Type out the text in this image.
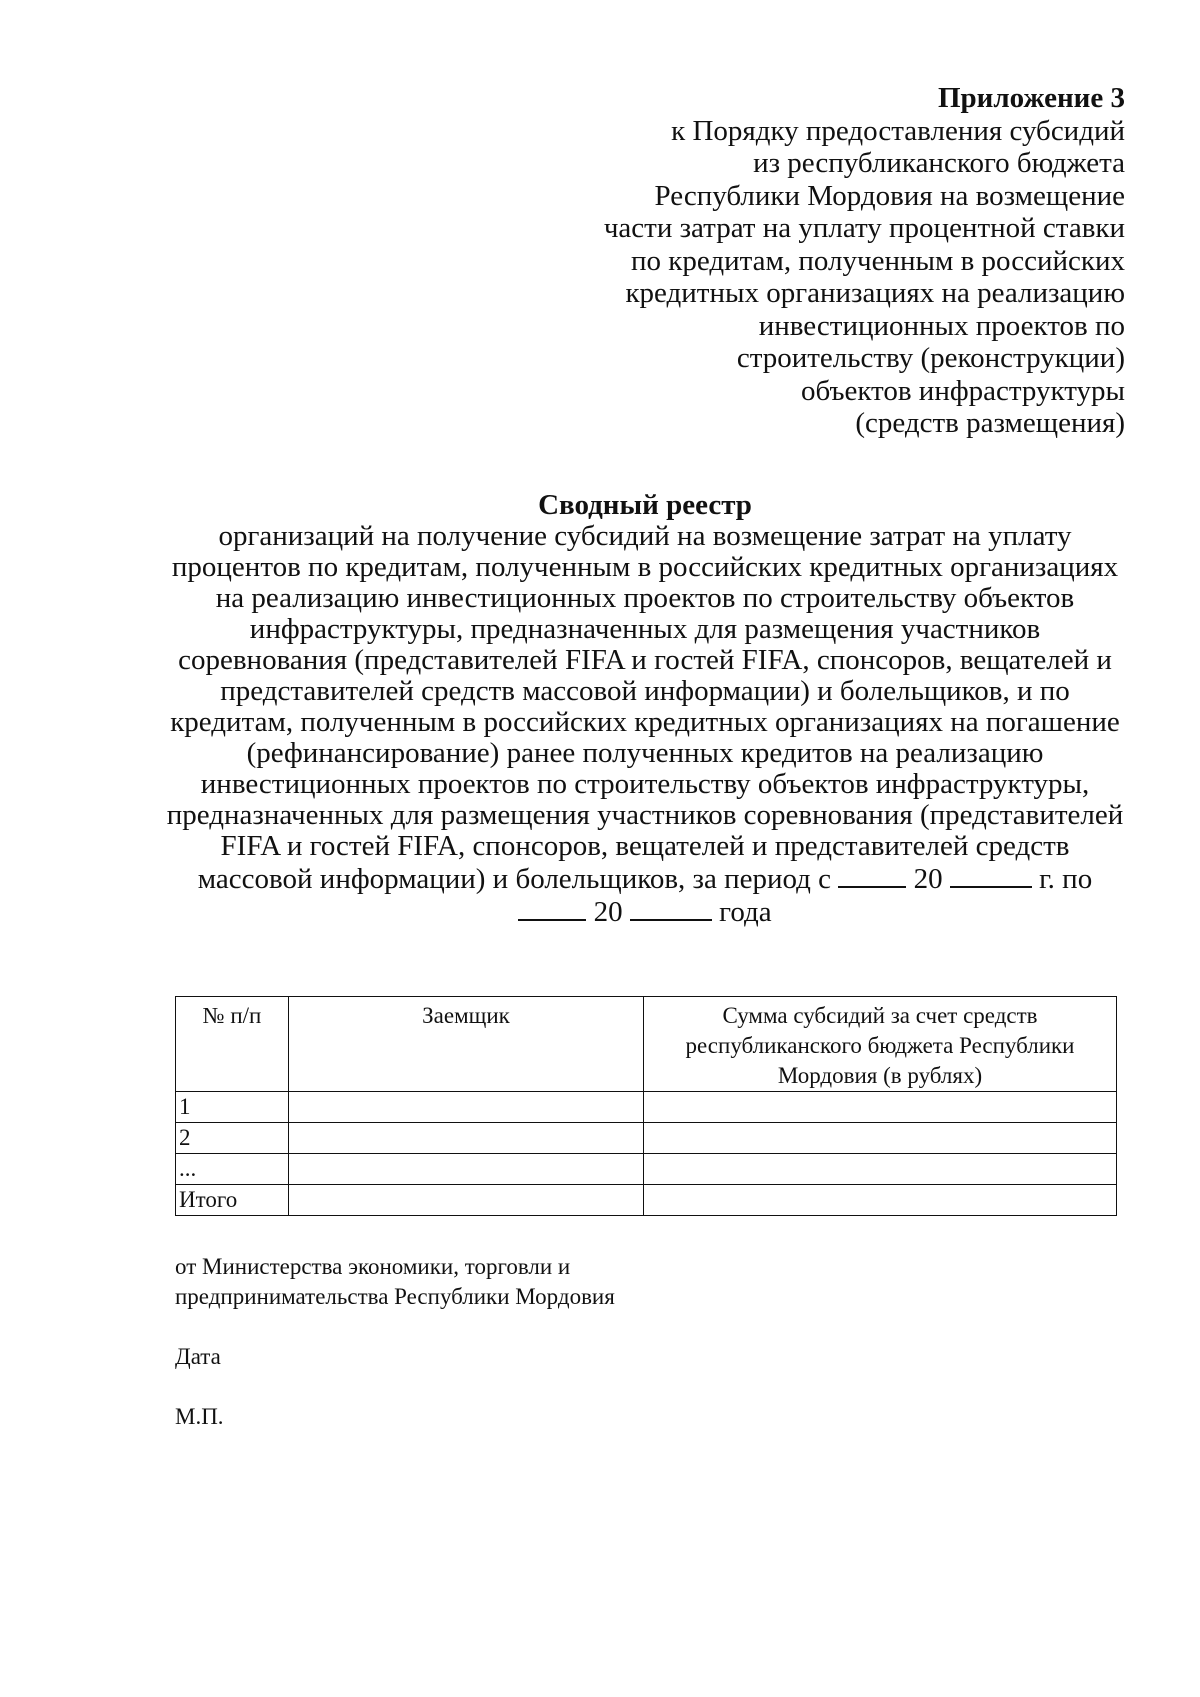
Приложение 3
к Порядку предоставления субсидий
из республиканского бюджета
Республики Мордовия на возмещение
части затрат на уплату процентной ставки
по кредитам, полученным в российских
кредитных организациях на реализацию
инвестиционных проектов по
строительству (реконструкции)
объектов инфраструктуры
(средств размещения)
Сводный реестр
организаций на получение субсидий на возмещение затрат на уплату
процентов по кредитам, полученным в российских кредитных организациях
на реализацию инвестиционных проектов по строительству объектов
инфраструктуры, предназначенных для размещения участников
соревнования (представителей FIFA и гостей FIFA, спонсоров, вещателей и
представителей средств массовой информации) и болельщиков, и по
кредитам, полученным в российских кредитных организациях на погашение
(рефинансирование) ранее полученных кредитов на реализацию
инвестиционных проектов по строительству объектов инфраструктуры,
предназначенных для размещения участников соревнования (представителей
FIFA и гостей FIFA, спонсоров, вещателей и представителей средств
массовой информации) и болельщиков, за период с	20	г. по
20	года
№ п/п	Заемщик	Сумма субсидий за счет средств республиканского бюджета Республики Мордовия (в рублях)
1		
2		
...		
Итого		
от Министерства экономики, торговли и
предпринимательства Республики Мордовия
Дата
М.П.
